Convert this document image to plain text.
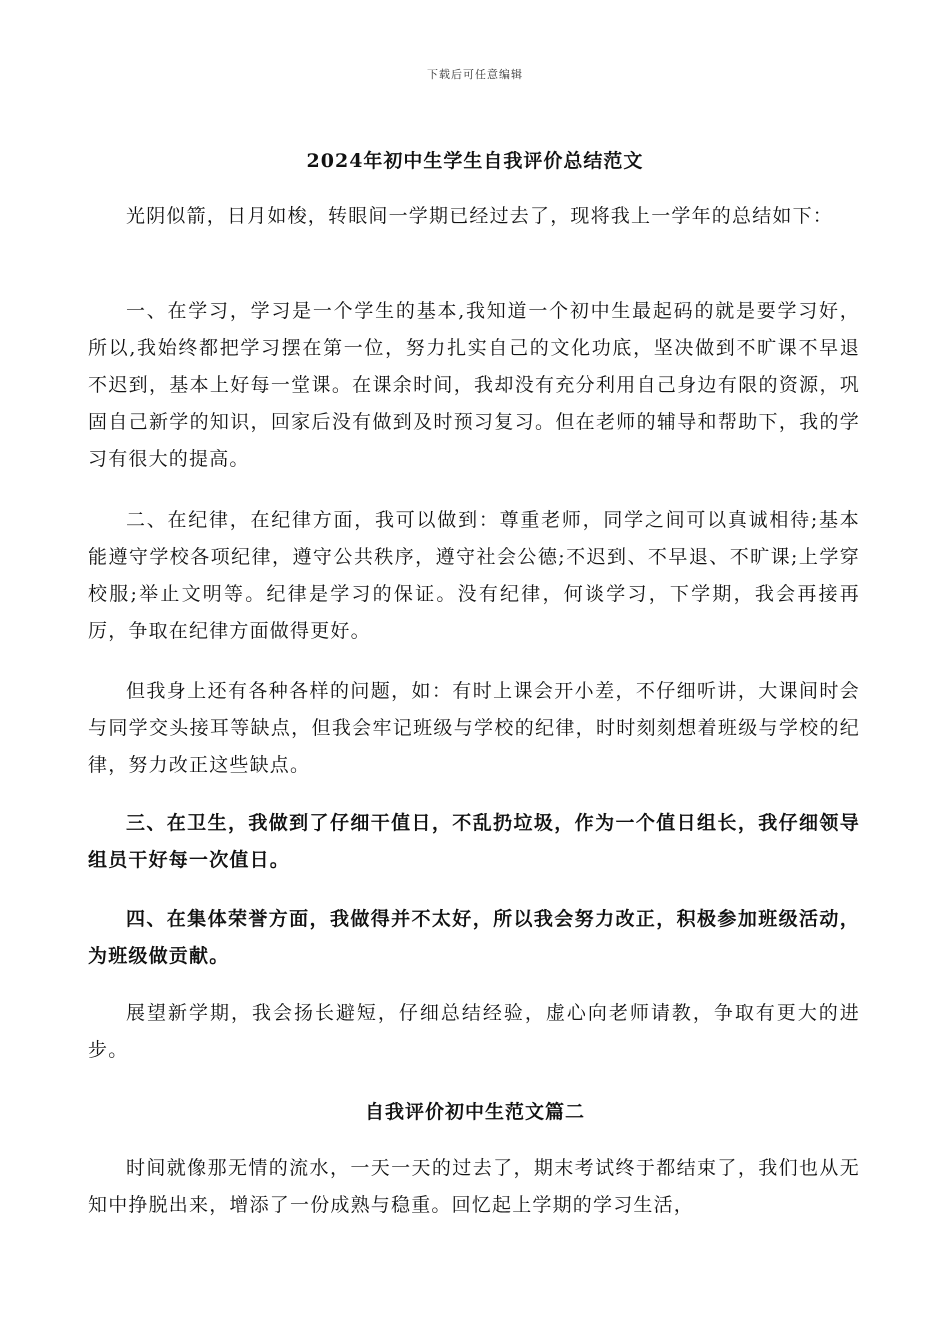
下载后可任意编辑
2024年初中生学生自我评价总结范文

光阴似箭，日月如梭，转眼间一学期已经过去了，现将我上一学年的总结如下：

一、在学习，学习是一个学生的基本,我知道一个初中生最起码的就是要学习好，所以,我始终都把学习摆在第一位，努力扎实自己的文化功底，坚决做到不旷课不早退不迟到，基本上好每一堂课。在课余时间，我却没有充分利用自己身边有限的资源，巩固自己新学的知识，回家后没有做到及时预习复习。但在老师的辅导和帮助下，我的学习有很大的提高。

二、在纪律，在纪律方面，我可以做到：尊重老师，同学之间可以真诚相待;基本能遵守学校各项纪律，遵守公共秩序，遵守社会公德;不迟到、不早退、不旷课;上学穿校服;举止文明等。纪律是学习的保证。没有纪律，何谈学习，下学期，我会再接再厉，争取在纪律方面做得更好。

但我身上还有各种各样的问题，如：有时上课会开小差，不仔细听讲，大课间时会与同学交头接耳等缺点，但我会牢记班级与学校的纪律，时时刻刻想着班级与学校的纪律，努力改正这些缺点。

三、在卫生，我做到了仔细干值日，不乱扔垃圾，作为一个值日组长，我仔细领导组员干好每一次值日。

四、在集体荣誉方面，我做得并不太好，所以我会努力改正，积极参加班级活动，为班级做贡献。

展望新学期，我会扬长避短，仔细总结经验，虚心向老师请教，争取有更大的进步。

自我评价初中生范文篇二

时间就像那无情的流水，一天一天的过去了，期末考试终于都结束了，我们也从无知中挣脱出来，增添了一份成熟与稳重。回忆起上学期的学习生活，
